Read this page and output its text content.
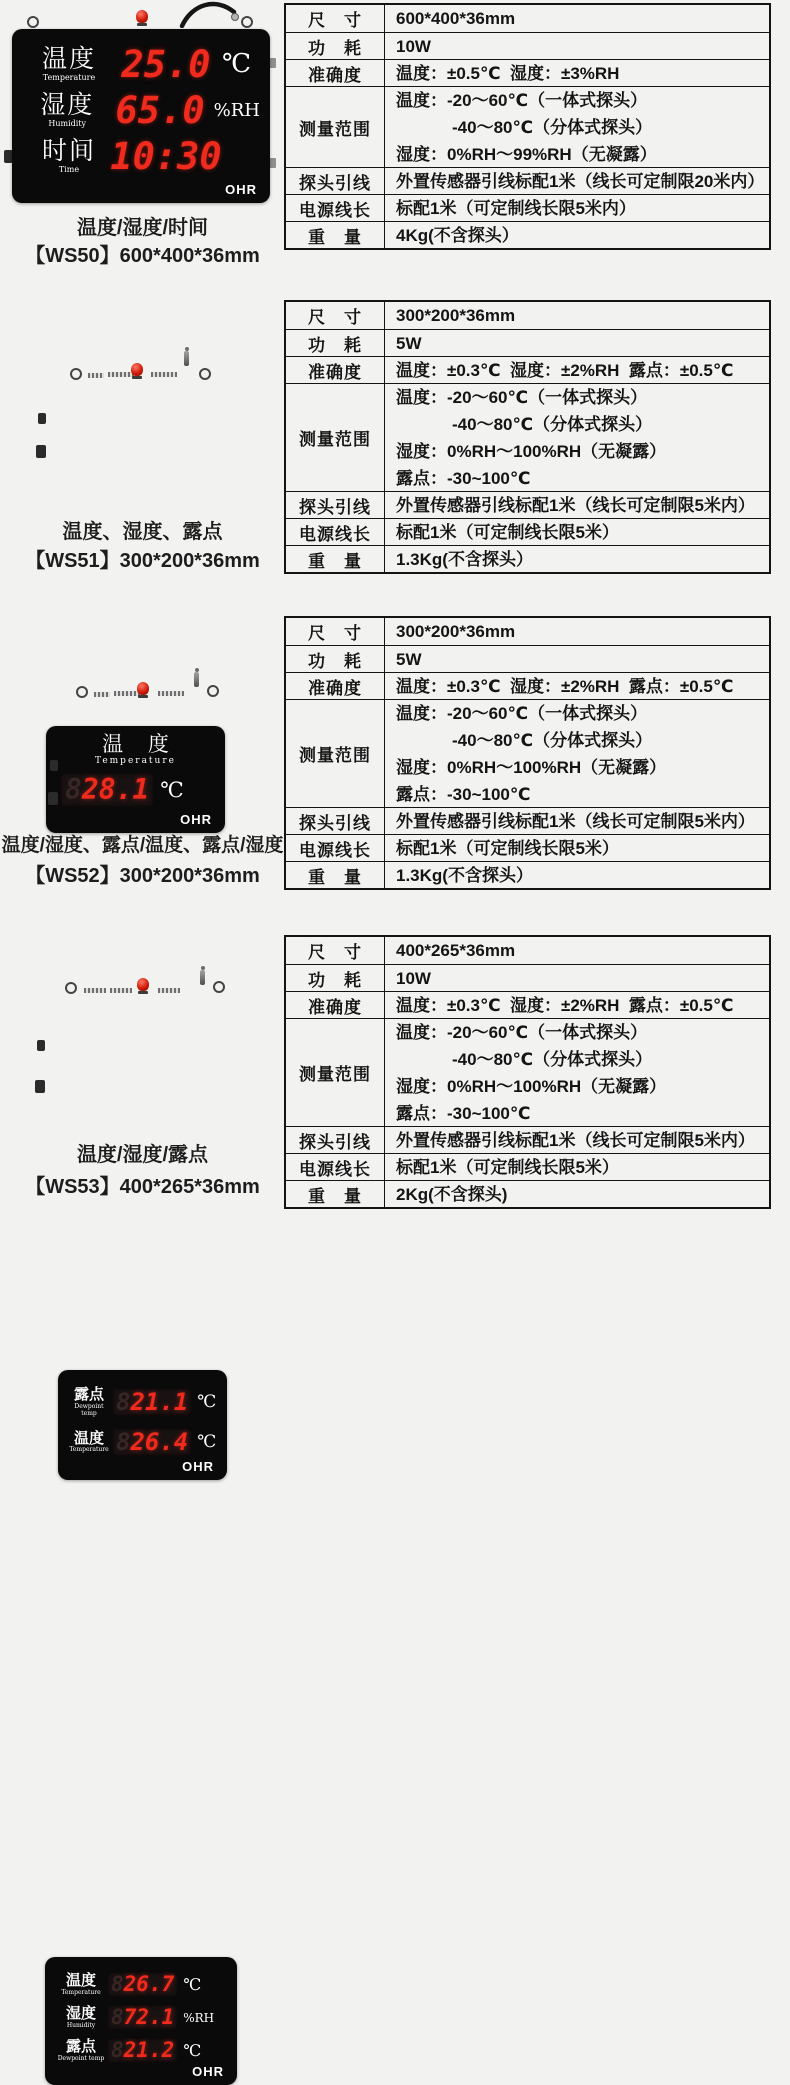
温度
Temperature 25.0 ℃
湿度
Humidity 65.0 %RH
时间
Time 10:30
OHR
温度/湿度/时间
【WS50】600*400*36mm
尺　寸	600*400*36mm
功　耗	10W
准确度	温度：±0.5℃  湿度：±3%RH
测量范围
温度：-20～60℃（一体式探头）
-40～80℃（分体式探头）
湿度：0%RH～99%RH（无凝露）
探头引线	外置传感器引线标配1米（线长可定制限20米内）
电源线长	标配1米（可定制线长限5米内）
重　量	4Kg(不含探头）
温 度
Temperature
8 28.1 ℃
OHR
温度、湿度、露点
【WS51】300*200*36mm
尺　寸	300*200*36mm
功　耗	5W
准确度	温度：±0.3℃  湿度：±2%RH  露点：±0.5℃
测量范围
温度：-20～60℃（一体式探头）
-40～80℃（分体式探头）
湿度：0%RH～100%RH（无凝露）
露点：-30~100℃
探头引线	外置传感器引线标配1米（线长可定制限5米内）
电源线长	标配1米（可定制线长限5米）
重　量	1.3Kg(不含探头）
露点
Dewpoint temp 8 21.1 ℃
温度
Temperature 8 26.4 ℃
OHR
温度/湿度、露点/温度、露点/湿度
【WS52】300*200*36mm
尺　寸	300*200*36mm
功　耗	5W
准确度	温度：±0.3℃  湿度：±2%RH  露点：±0.5℃
测量范围
温度：-20～60℃（一体式探头）
-40～80℃（分体式探头）
湿度：0%RH～100%RH（无凝露）
露点：-30~100℃
探头引线	外置传感器引线标配1米（线长可定制限5米内）
电源线长	标配1米（可定制线长限5米）
重　量	1.3Kg(不含探头）
温度
Temperature 8 26.7 ℃
湿度
Humidity 8 72.1 %RH
露点
Dewpoint temp 8 21.2 ℃
OHR
温度/湿度/露点
【WS53】400*265*36mm
尺　寸	400*265*36mm
功　耗	10W
准确度	温度：±0.3℃  湿度：±2%RH  露点：±0.5℃
测量范围
温度：-20～60℃（一体式探头）
-40～80℃（分体式探头）
湿度：0%RH～100%RH（无凝露）
露点：-30~100℃
探头引线	外置传感器引线标配1米（线长可定制限5米内）
电源线长	标配1米（可定制线长限5米）
重　量	2Kg(不含探头)
